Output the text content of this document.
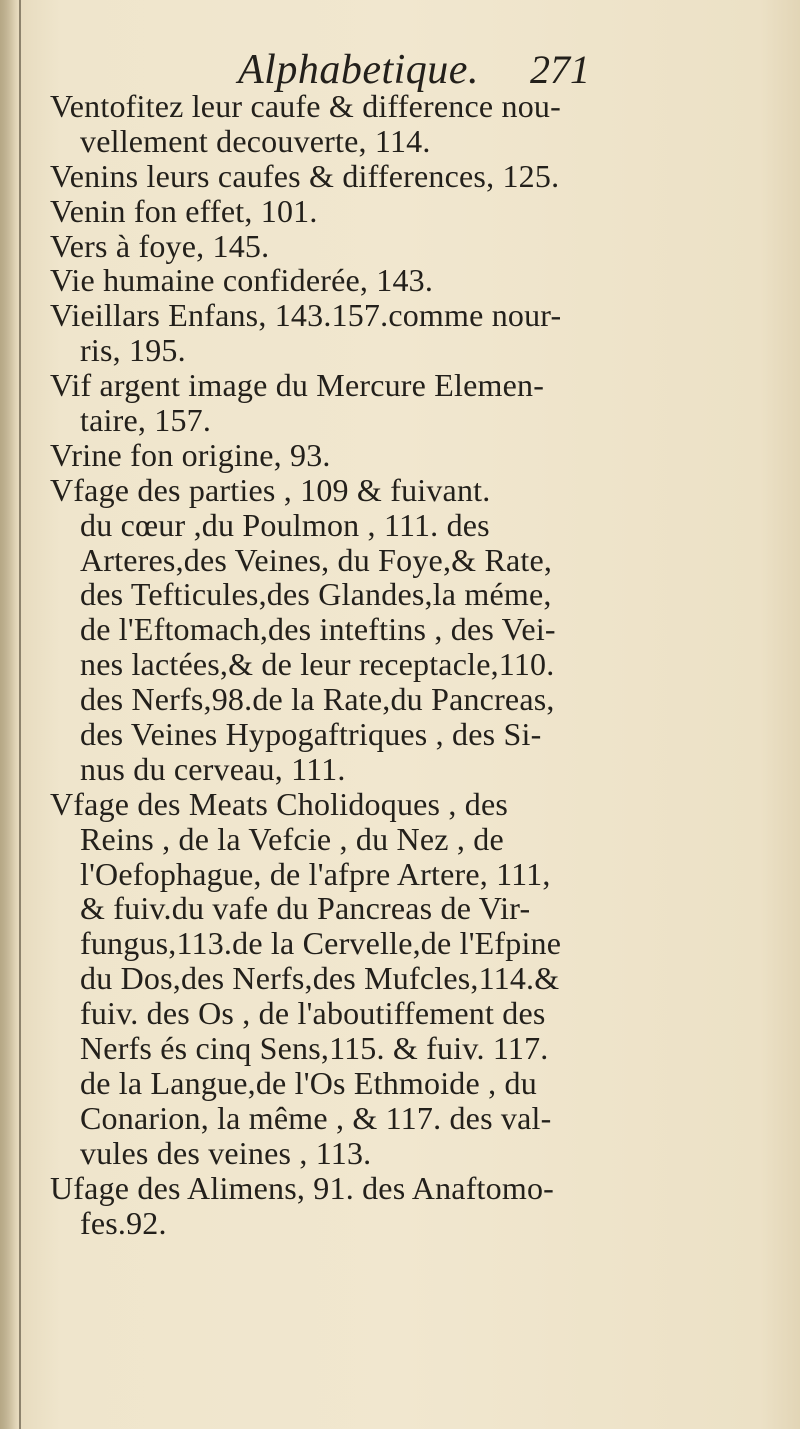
Alphabetique. 271
Ventofitez leur caufe & difference nou-
vellement decouverte, 114.
Venins leurs caufes & differences, 125.
Venin fon effet, 101.
Vers à foye, 145.
Vie humaine confiderée, 143.
Vieillars Enfans, 143.157.comme nour-
ris, 195.
Vif argent image du Mercure Elemen-
taire, 157.
Vrine fon origine, 93.
Vfage des parties , 109 & fuivant.
du cœur ,du Poulmon , 111. des
Arteres,des Veines, du Foye,& Rate,
des Tefticules,des Glandes,la méme,
de l'Eftomach,des inteftins , des Vei-
nes lactées,& de leur receptacle,110.
des Nerfs,98.de la Rate,du Pancreas,
des Veines Hypogaftriques , des Si-
nus du cerveau, 111.
Vfage des Meats Cholidoques , des
Reins , de la Vefcie , du Nez , de
l'Oefophague, de l'afpre Artere, 111,
& fuiv.du vafe du Pancreas de Vir-
fungus,113.de la Cervelle,de l'Efpine
du Dos,des Nerfs,des Mufcles,114.&
fuiv. des Os , de l'aboutiffement des
Nerfs és cinq Sens,115. & fuiv. 117.
de la Langue,de l'Os Ethmoide , du
Conarion, la même , & 117. des val-
vules des veines , 113.
Ufage des Alimens, 91. des Anaftomo-
fes.92.
